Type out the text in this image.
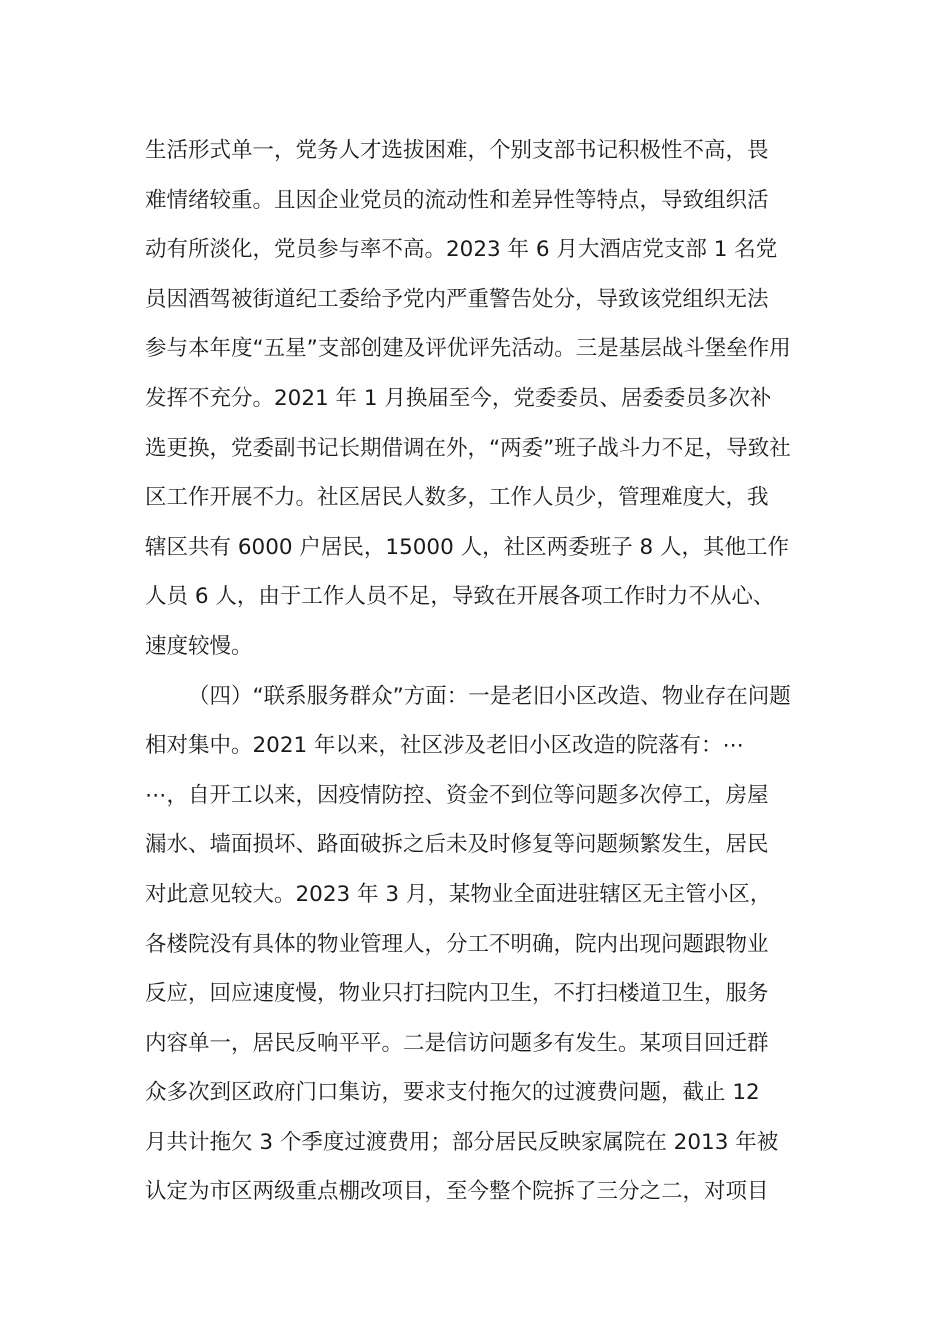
生活形式单一，党务人才选拔困难，个别支部书记积极性不高，畏
难情绪较重。且因企业党员的流动性和差异性等特点，导致组织活
动有所淡化，党员参与率不高。2023 年 6 月大酒店党支部 1 名党
员因酒驾被街道纪工委给予党内严重警告处分，导致该党组织无法
参与本年度“五星”支部创建及评优评先活动。三是基层战斗堡垒作用
发挥不充分。2021 年 1 月换届至今，党委委员、居委委员多次补
选更换，党委副书记长期借调在外，“两委”班子战斗力不足，导致社
区工作开展不力。社区居民人数多，工作人员少，管理难度大，我
辖区共有 6000 户居民，15000 人，社区两委班子 8 人，其他工作
人员 6 人，由于工作人员不足，导致在开展各项工作时力不从心、
速度较慢。
（四）“联系服务群众”方面：一是老旧小区改造、物业存在问题
相对集中。2021 年以来，社区涉及老旧小区改造的院落有：⋯
⋯，自开工以来，因疫情防控、资金不到位等问题多次停工，房屋
漏水、墙面损坏、路面破拆之后未及时修复等问题频繁发生，居民
对此意见较大。2023 年 3 月，某物业全面进驻辖区无主管小区，
各楼院没有具体的物业管理人，分工不明确，院内出现问题跟物业
反应，回应速度慢，物业只打扫院内卫生，不打扫楼道卫生，服务
内容单一，居民反响平平。二是信访问题多有发生。某项目回迁群
众多次到区政府门口集访，要求支付拖欠的过渡费问题，截止 12
月共计拖欠 3 个季度过渡费用；部分居民反映家属院在 2013 年被
认定为市区两级重点棚改项目，至今整个院拆了三分之二，对项目
